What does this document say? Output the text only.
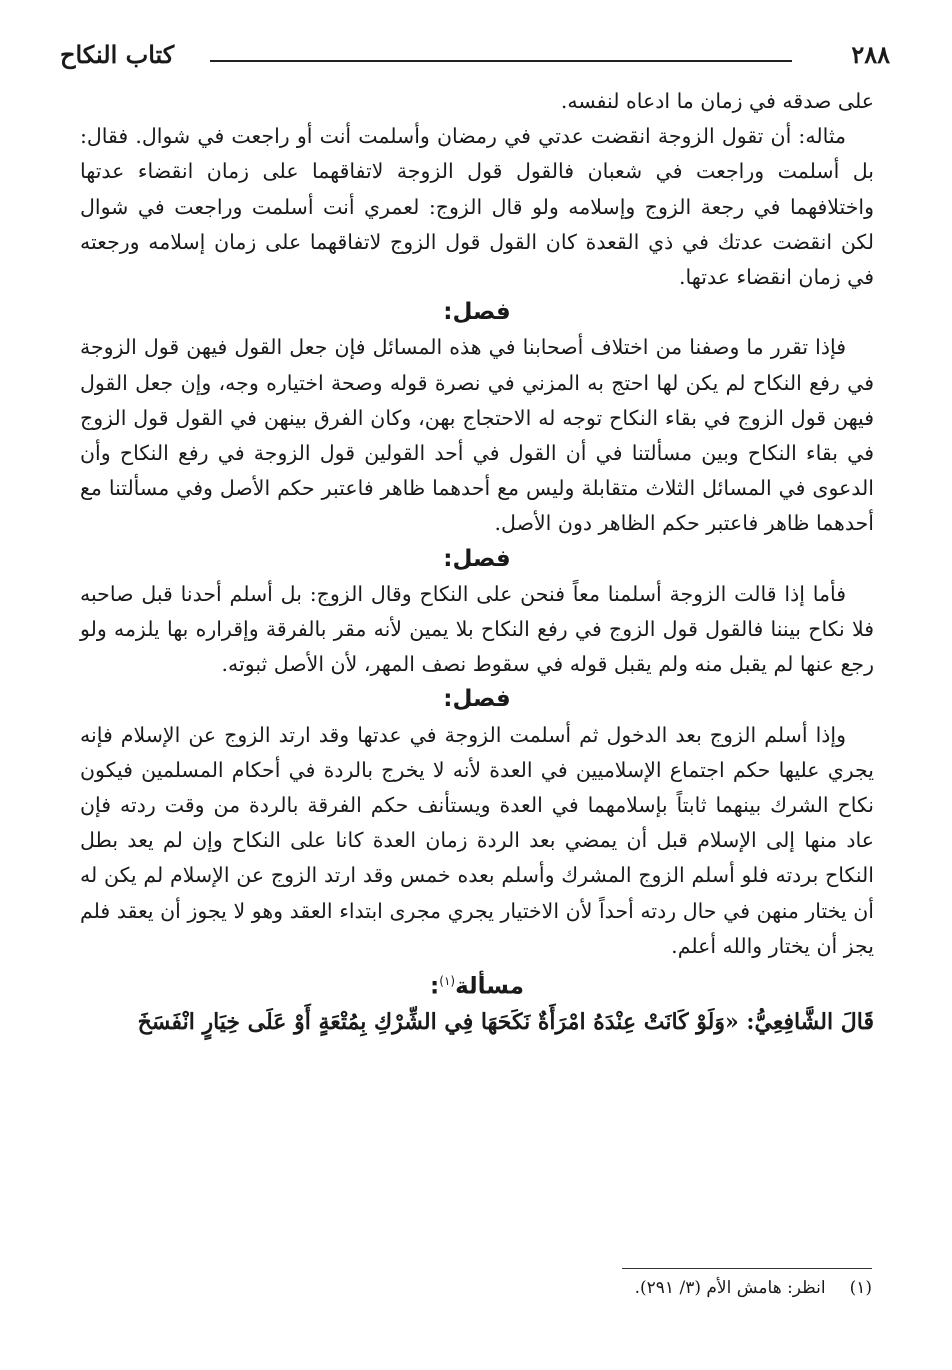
٢٨٨
كتاب النكاح

على صدقه في زمان ما ادعاه لنفسه.

مثاله: أن تقول الزوجة انقضت عدتي في رمضان وأسلمت أنت أو راجعت في شوال. فقال: بل أسلمت وراجعت في شعبان فالقول قول الزوجة لاتفاقهما على زمان انقضاء عدتها واختلافهما في رجعة الزوج وإسلامه ولو قال الزوج: لعمري أنت أسلمت وراجعت في شوال لكن انقضت عدتك في ذي القعدة كان القول قول الزوج لاتفاقهما على زمان إسلامه ورجعته في زمان انقضاء عدتها.

فصل:

فإذا تقرر ما وصفنا من اختلاف أصحابنا في هذه المسائل فإن جعل القول فيهن قول الزوجة في رفع النكاح لم يكن لها احتج به المزني في نصرة قوله وصحة اختياره وجه، وإن جعل القول فيهن قول الزوج في بقاء النكاح توجه له الاحتجاج بهن، وكان الفرق بينهن في القول قول الزوج في بقاء النكاح وبين مسألتنا في أن القول في أحد القولين قول الزوجة في رفع النكاح وأن الدعوى في المسائل الثلاث متقابلة وليس مع أحدهما ظاهر فاعتبر حكم الأصل وفي مسألتنا مع أحدهما ظاهر فاعتبر حكم الظاهر دون الأصل.

فصل:

فأما إذا قالت الزوجة أسلمنا معاً فنحن على النكاح وقال الزوج: بل أسلم أحدنا قبل صاحبه فلا نكاح بيننا فالقول قول الزوج في رفع النكاح بلا يمين لأنه مقر بالفرقة وإقراره بها يلزمه ولو رجع عنها لم يقبل منه ولم يقبل قوله في سقوط نصف المهر، لأن الأصل ثبوته.

فصل:

وإذا أسلم الزوج بعد الدخول ثم أسلمت الزوجة في عدتها وقد ارتد الزوج عن الإسلام فإنه يجري عليها حكم اجتماع الإسلاميين في العدة لأنه لا يخرج بالردة في أحكام المسلمين فيكون نكاح الشرك بينهما ثابتاً بإسلامهما في العدة ويستأنف حكم الفرقة بالردة من وقت ردته فإن عاد منها إلى الإسلام قبل أن يمضي بعد الردة زمان العدة كانا على النكاح وإن لم يعد بطل النكاح بردته فلو أسلم الزوج المشرك وأسلم بعده خمس وقد ارتد الزوج عن الإسلام لم يكن له أن يختار منهن في حال ردته أحداً لأن الاختيار يجري مجرى ابتداء العقد وهو لا يجوز أن يعقد فلم يجز أن يختار والله أعلم.

مسألة$^{(١)}$:

قَالَ الشَّافِعِيُّ: «وَلَوْ كَانَتْ عِنْدَهُ امْرَأَةٌ نَكَحَهَا فِي الشِّرْكِ بِمُتْعَةٍ أَوْ عَلَى خِيَارٍ انْفَسَخَ

(١)انظر: هامش الأم (٣/ ٢٩١).
